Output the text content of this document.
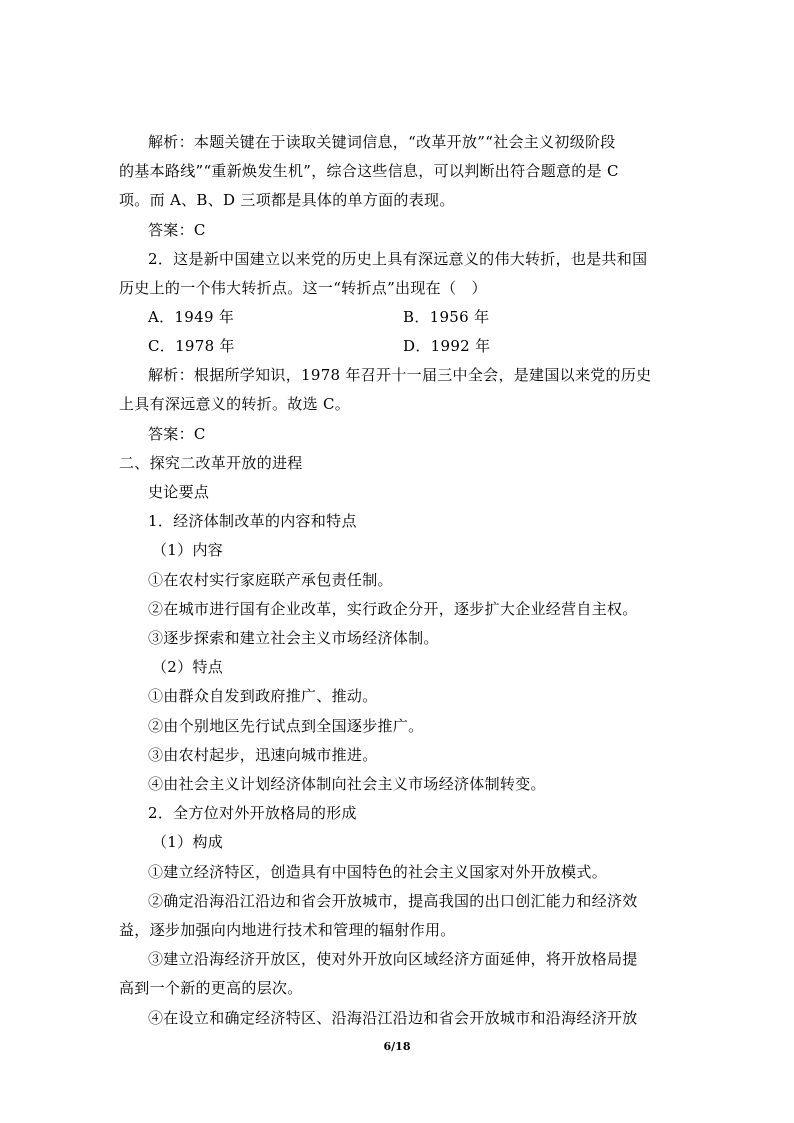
解析：本题关键在于读取关键词信息，“改革开放”“社会主义初级阶段
的基本路线”“重新焕发生机”，综合这些信息，可以判断出符合题意的是 C
项。而 A、B、D 三项都是具体的单方面的表现。
答案：C
2．这是新中国建立以来党的历史上具有深远意义的伟大转折，也是共和国
历史上的一个伟大转折点。这一“转折点”出现在（　）
A．1949 年	B．1956 年
C．1978 年	D．1992 年
解析：根据所学知识，1978 年召开十一届三中全会，是建国以来党的历史
上具有深远意义的转折。故选 C。
答案：C
二、探究二改革开放的进程
史论要点
1．经济体制改革的内容和特点
（1）内容
①在农村实行家庭联产承包责任制。
②在城市进行国有企业改革，实行政企分开，逐步扩大企业经营自主权。
③逐步探索和建立社会主义市场经济体制。
（2）特点
①由群众自发到政府推广、推动。
②由个别地区先行试点到全国逐步推广。
③由农村起步，迅速向城市推进。
④由社会主义计划经济体制向社会主义市场经济体制转变。
2．全方位对外开放格局的形成
（1）构成
①建立经济特区，创造具有中国特色的社会主义国家对外开放模式。
②确定沿海沿江沿边和省会开放城市，提高我国的出口创汇能力和经济效
益，逐步加强向内地进行技术和管理的辐射作用。
③建立沿海经济开放区，使对外开放向区域经济方面延伸，将开放格局提
高到一个新的更高的层次。
④在设立和确定经济特区、沿海沿江沿边和省会开放城市和沿海经济开放
6/18
